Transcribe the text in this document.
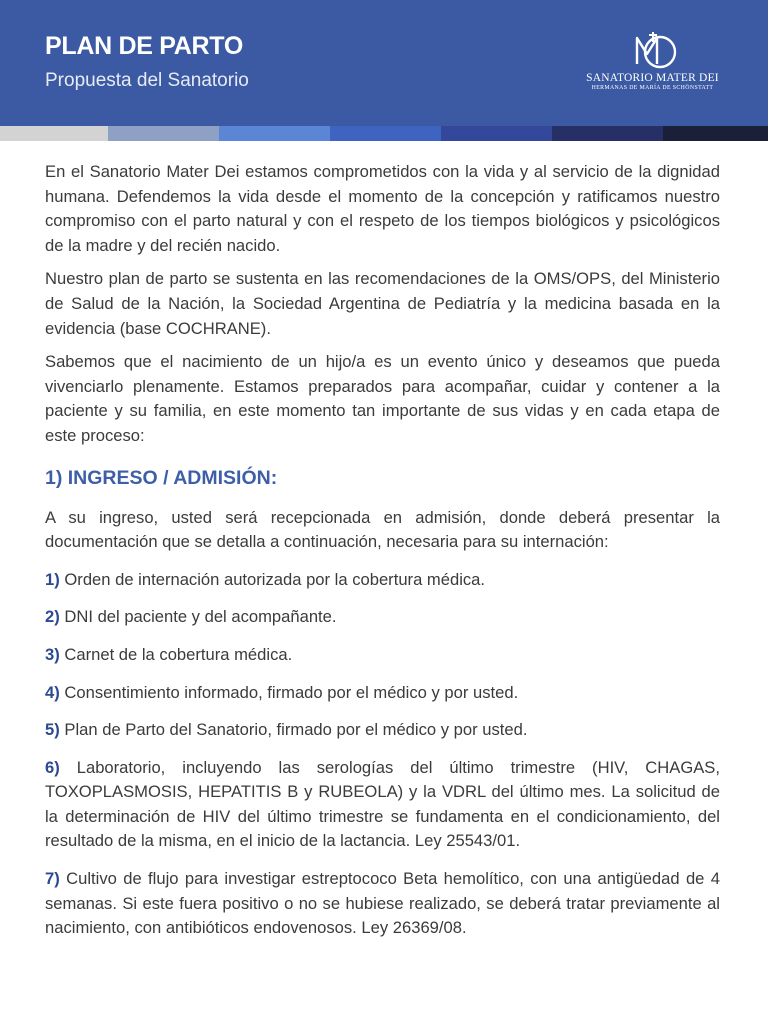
PLAN DE PARTO
Propuesta del Sanatorio	SANATORIO MATER DEI
HERMANAS DE MARÍA DE SCHÖNSTATT

En el Sanatorio Mater Dei estamos comprometidos con la vida y al servicio de la dignidad humana. Defendemos la vida desde el momento de la concepción y ratificamos nuestro compromiso con el parto natural y con el respeto de los tiempos biológicos y psicológicos de la madre y del recién nacido.

Nuestro plan de parto se sustenta en las recomendaciones de la OMS/OPS, del Ministerio de Salud de la Nación, la Sociedad Argentina de Pediatría y la medicina basada en la evidencia (base COCHRANE).

Sabemos que el nacimiento de un hijo/a es un evento único y deseamos que pueda vivenciarlo plenamente. Estamos preparados para acompañar, cuidar y contener a la paciente y su familia, en este momento tan importante de sus vidas y en cada etapa de este proceso:

1) INGRESO / ADMISIÓN:

A su ingreso, usted será recepcionada en admisión, donde deberá presentar la documentación que se detalla a continuación, necesaria para su internación:

1) Orden de internación autorizada por la cobertura médica.

2) DNI del paciente y del acompañante.

3) Carnet de la cobertura médica.

4) Consentimiento informado, firmado por el médico y por usted.

5) Plan de Parto del Sanatorio, firmado por el médico y por usted.

6) Laboratorio, incluyendo las serologías del último trimestre (HIV, CHAGAS, TOXOPLASMOSIS, HEPATITIS B y RUBEOLA) y la VDRL del último mes. La solicitud de la determinación de HIV del último trimestre se fundamenta en el condicionamiento, del resultado de la misma, en el inicio de la lactancia. Ley 25543/01.

7) Cultivo de flujo para investigar estreptococo Beta hemolítico, con una antigüedad de 4 semanas. Si este fuera positivo o no se hubiese realizado, se deberá tratar previamente al nacimiento, con antibióticos endovenosos. Ley 26369/08.
